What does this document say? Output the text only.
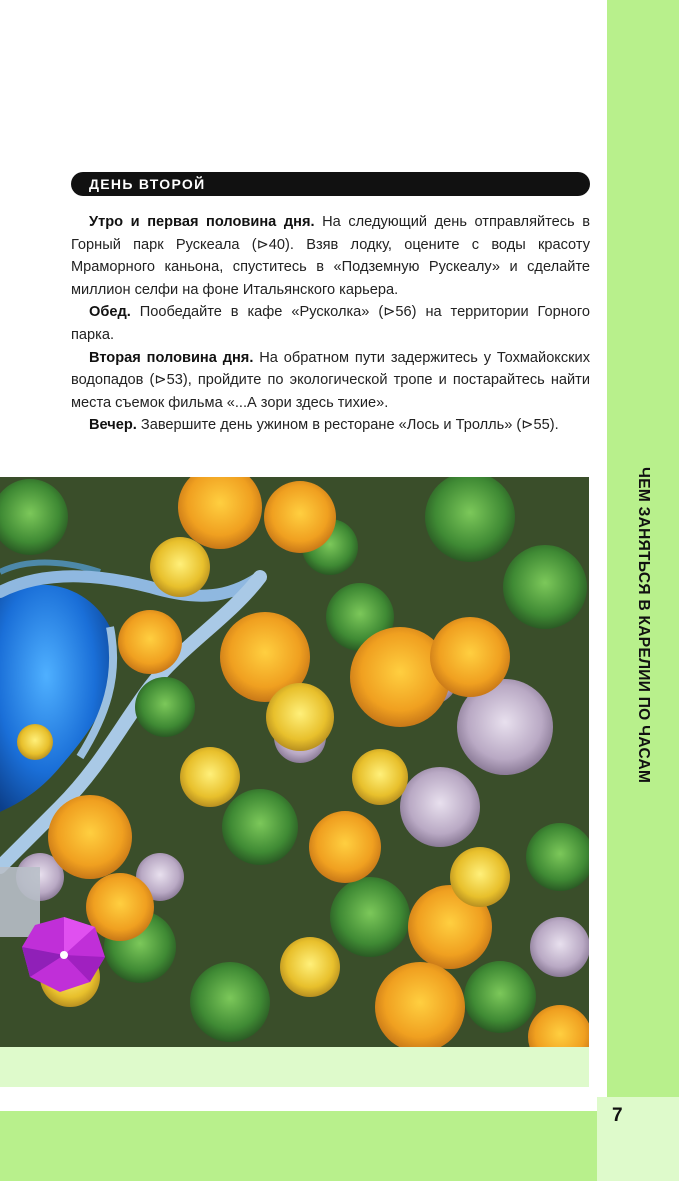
ЧЕМ ЗАНЯТЬСЯ В КАРЕЛИИ ПО ЧАСАМ
7
ДЕНЬ ВТОРОЙ

Утро и первая половина дня. На следующий день отправляйтесь в Горный парк Рускеала (⊳40). Взяв лодку, оцените с воды красоту Мраморного каньона, спуститесь в «Подземную Рускеалу» и сделайте миллион селфи на фоне Итальянского карьера.

Обед. Пообедайте в кафе «Русколка» (⊳56) на территории Горного парка.

Вторая половина дня. На обратном пути задержитесь у Тохмайокских водопадов (⊳53), пройдите по экологической тропе и постарайтесь найти места съемок фильма «...А зори здесь тихие».

Вечер. Завершите день ужином в ресторане «Лось и Тролль» (⊳55).
